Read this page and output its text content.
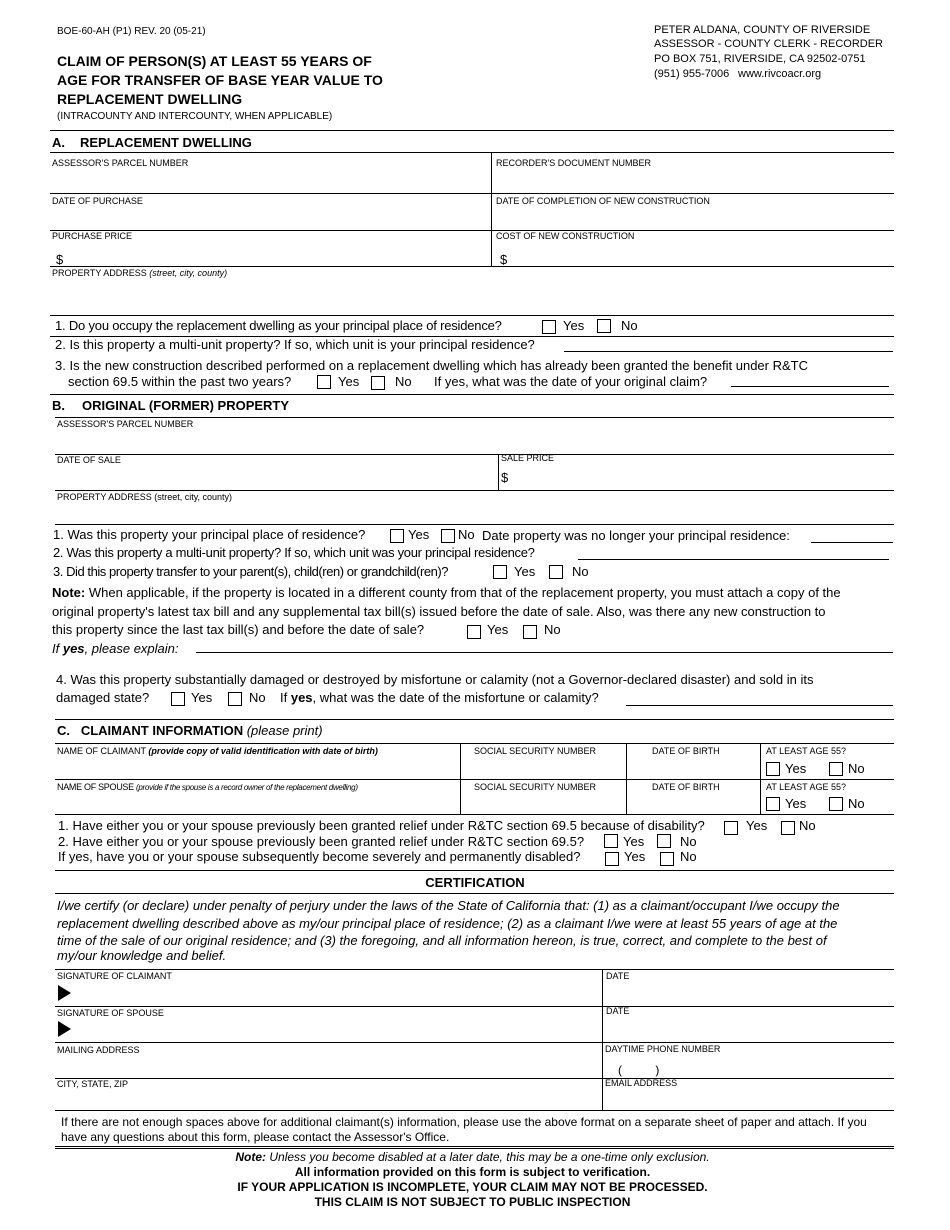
BOE-60-AH (P1) REV. 20 (05-21)
CLAIM OF PERSON(S) AT LEAST 55 YEARS OF
AGE FOR TRANSFER OF BASE YEAR VALUE TO
REPLACEMENT DWELLING
(INTRACOUNTY AND INTERCOUNTY, WHEN APPLICABLE)
PETER ALDANA, COUNTY OF RIVERSIDE
ASSESSOR - COUNTY CLERK - RECORDER
PO BOX 751, RIVERSIDE, CA 92502-0751
(951) 955-7006 www.rivcoacr.org
A. REPLACEMENT DWELLING
ASSESSOR'S PARCEL NUMBER	RECORDER'S DOCUMENT NUMBER
DATE OF PURCHASE	DATE OF COMPLETION OF NEW CONSTRUCTION
PURCHASE PRICE	COST OF NEW CONSTRUCTION
$	$
PROPERTY ADDRESS (street, city, county)
1. Do you occupy the replacement dwelling as your principal place of residence?	Yes	No
2. Is this property a multi-unit property? If so, which unit is your principal residence?
3. Is the new construction described performed on a replacement dwelling which has already been granted the benefit under R&TC
section 69.5 within the past two years?	Yes	No If yes, what was the date of your original claim?
B. ORIGINAL (FORMER) PROPERTY
ASSESSOR'S PARCEL NUMBER
DATE OF SALE	SALE PRICE
$
PROPERTY ADDRESS (street, city, county)
1. Was this property your principal place of residence?	Yes No Date property was no longer your principal residence:
2. Was this property a multi-unit property? If so, which unit was your principal residence?
3. Did this property transfer to your parent(s), child(ren) or grandchild(ren)?	Yes	No
Note: When applicable, if the property is located in a different county from that of the replacement property, you must attach a copy of the
original property's latest tax bill and any supplemental tax bill(s) issued before the date of sale. Also, was there any new construction to
this property since the last tax bill(s) and before the date of sale?	Yes	No
If yes, please explain:
4. Was this property substantially damaged or destroyed by misfortune or calamity (not a Governor-declared disaster) and sold in its
damaged state?	Yes	No If yes, what was the date of the misfortune or calamity?
C. CLAIMANT INFORMATION (please print)
NAME OF CLAIMANT (provide copy of valid identification with date of birth)	SOCIAL SECURITY NUMBER	DATE OF BIRTH	AT LEAST AGE 55?
Yes	No
NAME OF SPOUSE (provide if the spouse is a record owner of the replacement dwelling)	SOCIAL SECURITY NUMBER	DATE OF BIRTH	AT LEAST AGE 55?
Yes	No
1. Have either you or your spouse previously been granted relief under R&TC section 69.5 because of disability?	Yes No
2. Have either you or your spouse previously been granted relief under R&TC section 69.5?	Yes	No
If yes, have you or your spouse subsequently become severely and permanently disabled?	Yes	No
CERTIFICATION
I/we certify (or declare) under penalty of perjury under the laws of the State of California that: (1) as a claimant/occupant I/we occupy the
replacement dwelling described above as my/our principal place of residence; (2) as a claimant I/we were at least 55 years of age at the
time of the sale of our original residence; and (3) the foregoing, and all information hereon, is true, correct, and complete to the best of
my/our knowledge and belief.
SIGNATURE OF CLAIMANT	DATE
SIGNATURE OF SPOUSE	DATE
MAILING ADDRESS	DAYTIME PHONE NUMBER
(          )
CITY, STATE, ZIP	EMAIL ADDRESS
If there are not enough spaces above for additional claimant(s) information, please use the above format on a separate sheet of paper and attach. If you
have any questions about this form, please contact the Assessor's Office.
Note: Unless you become disabled at a later date, this may be a one-time only exclusion.
All information provided on this form is subject to verification.
IF YOUR APPLICATION IS INCOMPLETE, YOUR CLAIM MAY NOT BE PROCESSED.
THIS CLAIM IS NOT SUBJECT TO PUBLIC INSPECTION
